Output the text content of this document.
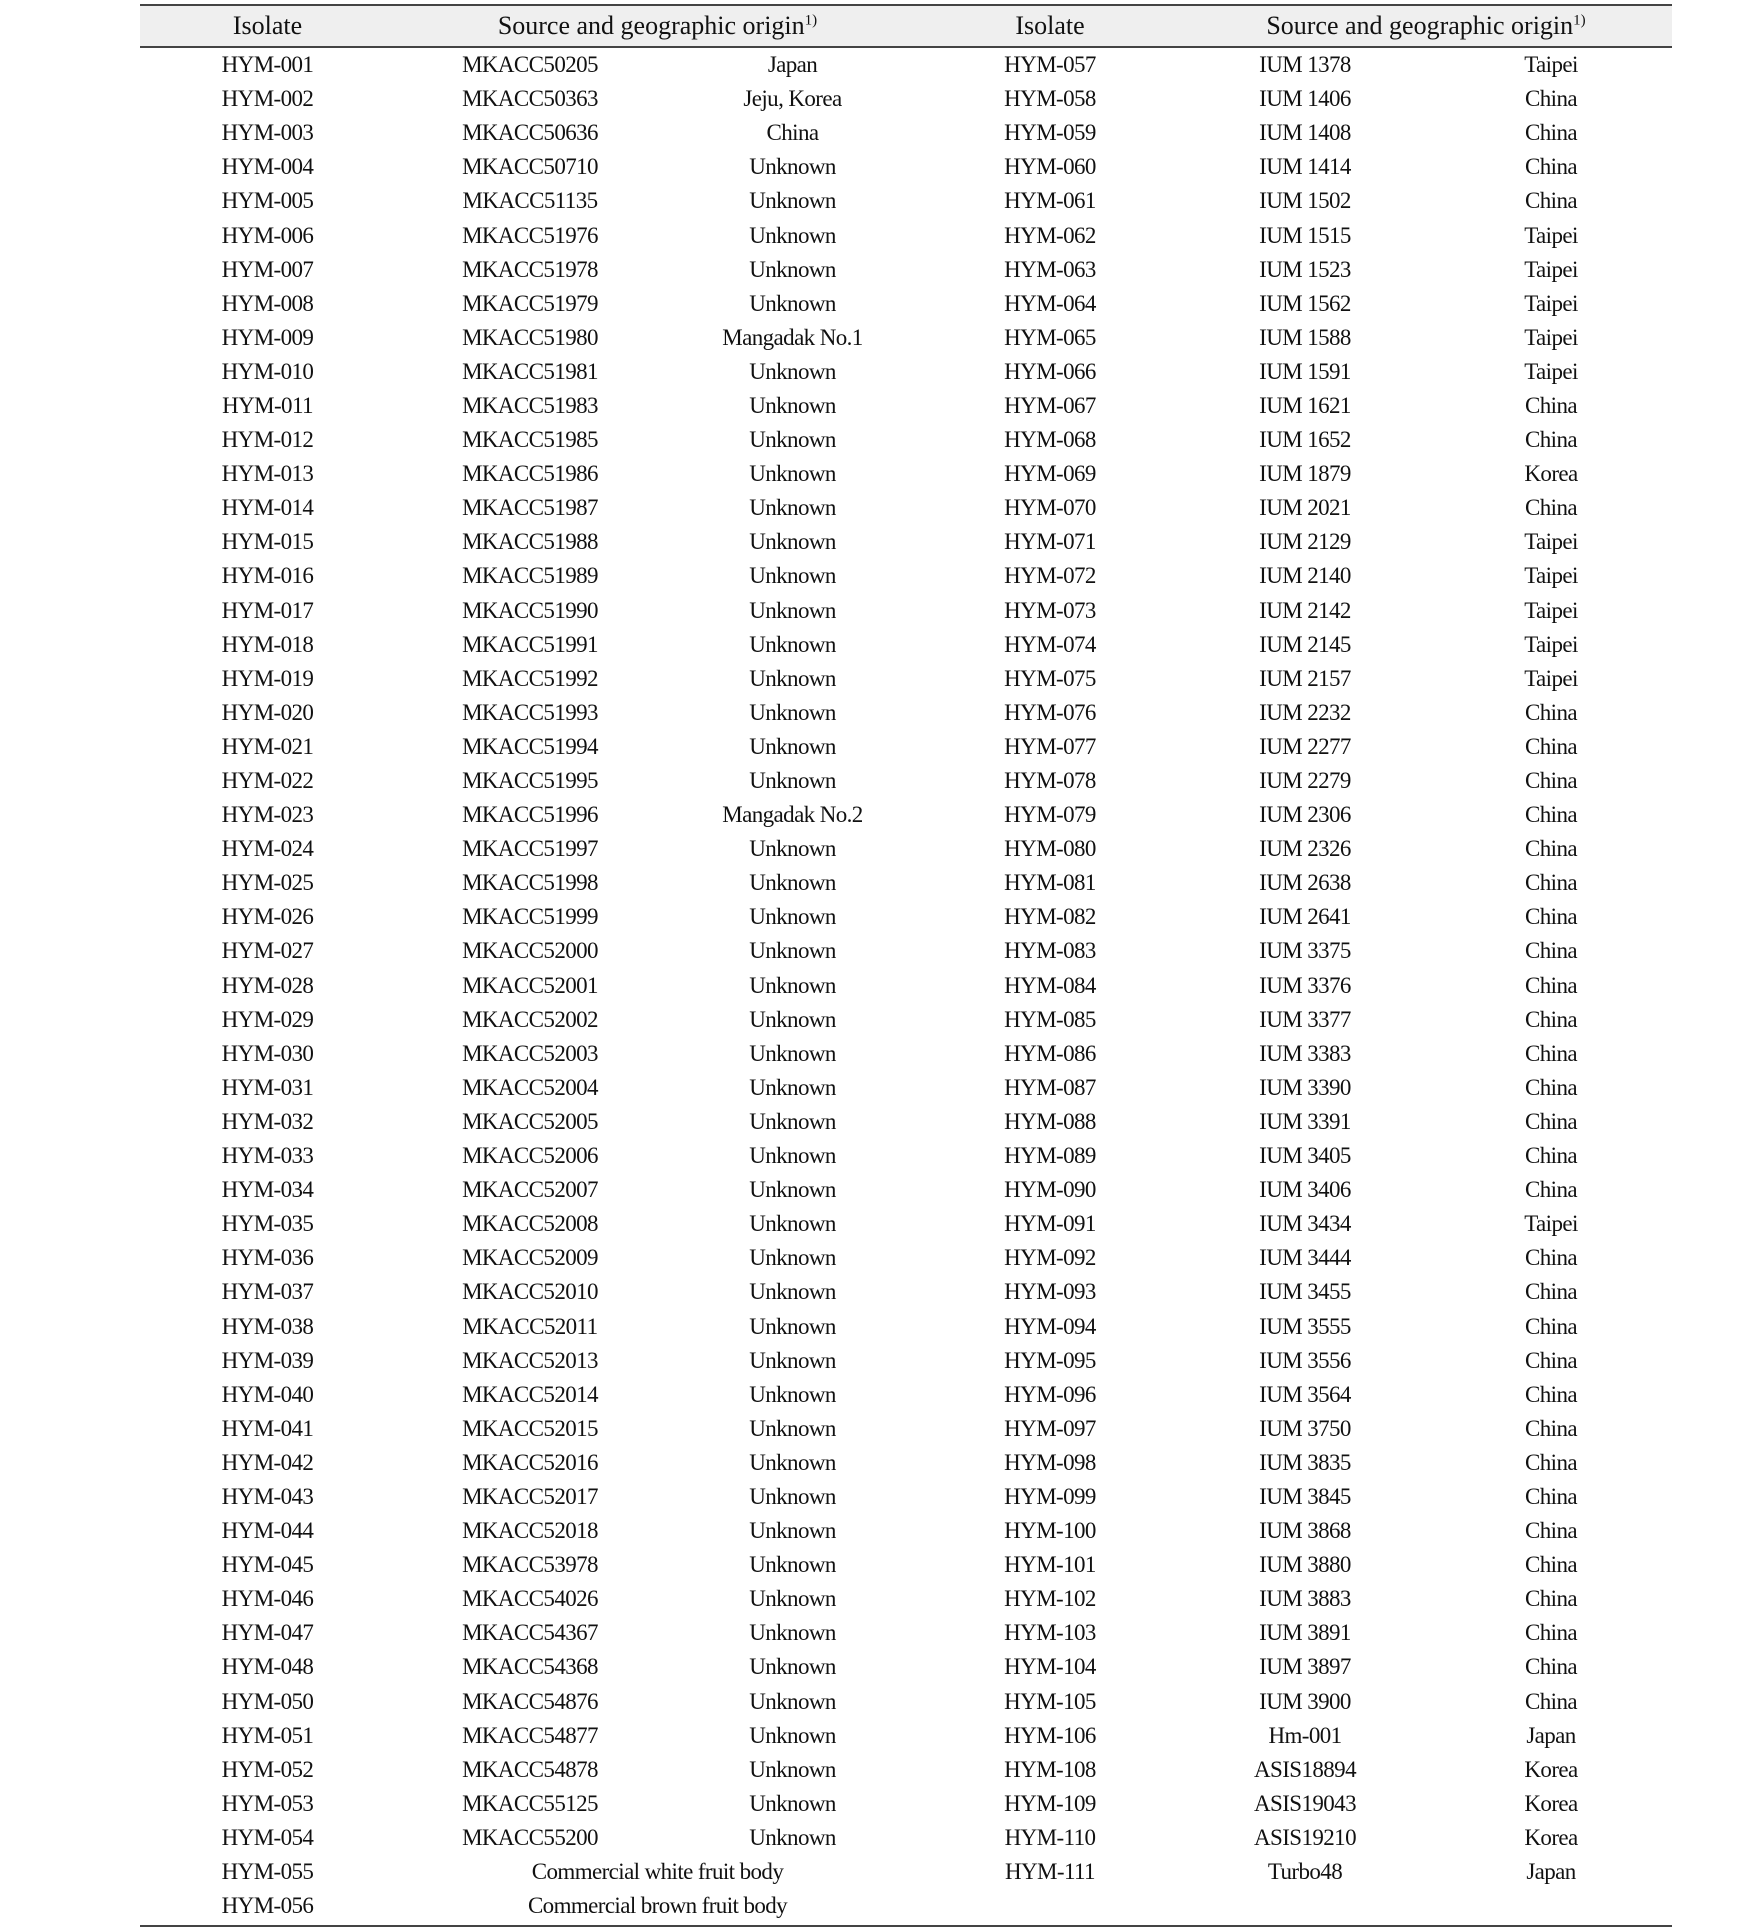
Isolate	Source and geographic origin$^{1)}$	Isolate	Source and geographic origin$^{1)}$
HYM-001	MKACC50205	Japan	HYM-057	IUM 1378	Taipei
HYM-002	MKACC50363	Jeju, Korea	HYM-058	IUM 1406	China
HYM-003	MKACC50636	China	HYM-059	IUM 1408	China
HYM-004	MKACC50710	Unknown	HYM-060	IUM 1414	China
HYM-005	MKACC51135	Unknown	HYM-061	IUM 1502	China
HYM-006	MKACC51976	Unknown	HYM-062	IUM 1515	Taipei
HYM-007	MKACC51978	Unknown	HYM-063	IUM 1523	Taipei
HYM-008	MKACC51979	Unknown	HYM-064	IUM 1562	Taipei
HYM-009	MKACC51980	Mangadak No.1	HYM-065	IUM 1588	Taipei
HYM-010	MKACC51981	Unknown	HYM-066	IUM 1591	Taipei
HYM-011	MKACC51983	Unknown	HYM-067	IUM 1621	China
HYM-012	MKACC51985	Unknown	HYM-068	IUM 1652	China
HYM-013	MKACC51986	Unknown	HYM-069	IUM 1879	Korea
HYM-014	MKACC51987	Unknown	HYM-070	IUM 2021	China
HYM-015	MKACC51988	Unknown	HYM-071	IUM 2129	Taipei
HYM-016	MKACC51989	Unknown	HYM-072	IUM 2140	Taipei
HYM-017	MKACC51990	Unknown	HYM-073	IUM 2142	Taipei
HYM-018	MKACC51991	Unknown	HYM-074	IUM 2145	Taipei
HYM-019	MKACC51992	Unknown	HYM-075	IUM 2157	Taipei
HYM-020	MKACC51993	Unknown	HYM-076	IUM 2232	China
HYM-021	MKACC51994	Unknown	HYM-077	IUM 2277	China
HYM-022	MKACC51995	Unknown	HYM-078	IUM 2279	China
HYM-023	MKACC51996	Mangadak No.2	HYM-079	IUM 2306	China
HYM-024	MKACC51997	Unknown	HYM-080	IUM 2326	China
HYM-025	MKACC51998	Unknown	HYM-081	IUM 2638	China
HYM-026	MKACC51999	Unknown	HYM-082	IUM 2641	China
HYM-027	MKACC52000	Unknown	HYM-083	IUM 3375	China
HYM-028	MKACC52001	Unknown	HYM-084	IUM 3376	China
HYM-029	MKACC52002	Unknown	HYM-085	IUM 3377	China
HYM-030	MKACC52003	Unknown	HYM-086	IUM 3383	China
HYM-031	MKACC52004	Unknown	HYM-087	IUM 3390	China
HYM-032	MKACC52005	Unknown	HYM-088	IUM 3391	China
HYM-033	MKACC52006	Unknown	HYM-089	IUM 3405	China
HYM-034	MKACC52007	Unknown	HYM-090	IUM 3406	China
HYM-035	MKACC52008	Unknown	HYM-091	IUM 3434	Taipei
HYM-036	MKACC52009	Unknown	HYM-092	IUM 3444	China
HYM-037	MKACC52010	Unknown	HYM-093	IUM 3455	China
HYM-038	MKACC52011	Unknown	HYM-094	IUM 3555	China
HYM-039	MKACC52013	Unknown	HYM-095	IUM 3556	China
HYM-040	MKACC52014	Unknown	HYM-096	IUM 3564	China
HYM-041	MKACC52015	Unknown	HYM-097	IUM 3750	China
HYM-042	MKACC52016	Unknown	HYM-098	IUM 3835	China
HYM-043	MKACC52017	Unknown	HYM-099	IUM 3845	China
HYM-044	MKACC52018	Unknown	HYM-100	IUM 3868	China
HYM-045	MKACC53978	Unknown	HYM-101	IUM 3880	China
HYM-046	MKACC54026	Unknown	HYM-102	IUM 3883	China
HYM-047	MKACC54367	Unknown	HYM-103	IUM 3891	China
HYM-048	MKACC54368	Unknown	HYM-104	IUM 3897	China
HYM-050	MKACC54876	Unknown	HYM-105	IUM 3900	China
HYM-051	MKACC54877	Unknown	HYM-106	Hm-001	Japan
HYM-052	MKACC54878	Unknown	HYM-108	ASIS18894	Korea
HYM-053	MKACC55125	Unknown	HYM-109	ASIS19043	Korea
HYM-054	MKACC55200	Unknown	HYM-110	ASIS19210	Korea
HYM-055	Commercial white fruit body	HYM-111	Turbo48	Japan
HYM-056	Commercial brown fruit body
